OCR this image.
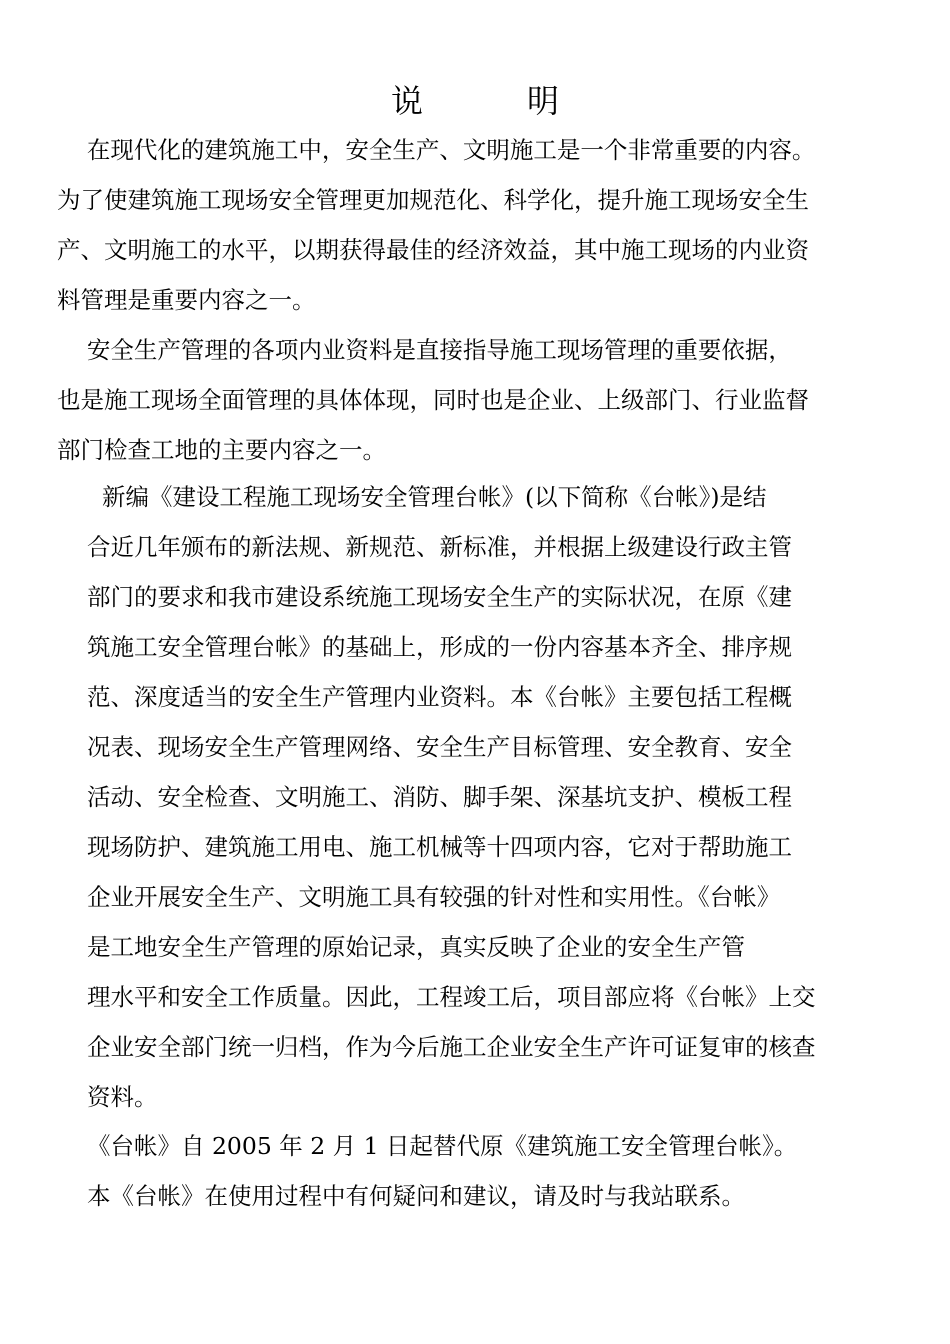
说	明
在现代化的建筑施工中，安全生产、文明施工是一个非常重要的内容。
为了使建筑施工现场安全管理更加规范化、科学化，提升施工现场安全生
产、文明施工的水平，以期获得最佳的经济效益，其中施工现场的内业资
料管理是重要内容之一。
安全生产管理的各项内业资料是直接指导施工现场管理的重要依据，
也是施工现场全面管理的具体体现，同时也是企业、上级部门、行业监督
部门检查工地的主要内容之一。
新编《建设工程施工现场安全管理台帐》(以下简称《台帐》)是结
合近几年颁布的新法规、新规范、新标准，并根据上级建设行政主管
部门的要求和我市建设系统施工现场安全生产的实际状况，在原《建
筑施工安全管理台帐》的基础上，形成的一份内容基本齐全、排序规
范、深度适当的安全生产管理内业资料。本《台帐》主要包括工程概
况表、现场安全生产管理网络、安全生产目标管理、安全教育、安全
活动、安全检查、文明施工、消防、脚手架、深基坑支护、模板工程
现场防护、建筑施工用电、施工机械等十四项内容，它对于帮助施工
企业开展安全生产、文明施工具有较强的针对性和实用性。《台帐》
是工地安全生产管理的原始记录，真实反映了企业的安全生产管
理水平和安全工作质量。因此，工程竣工后，项目部应将《台帐》上交
企业安全部门统一归档，作为今后施工企业安全生产许可证复审的核查
资料。
《台帐》自 2005 年 2 月 1 日起替代原《建筑施工安全管理台帐》。
本《台帐》在使用过程中有何疑问和建议，请及时与我站联系。
